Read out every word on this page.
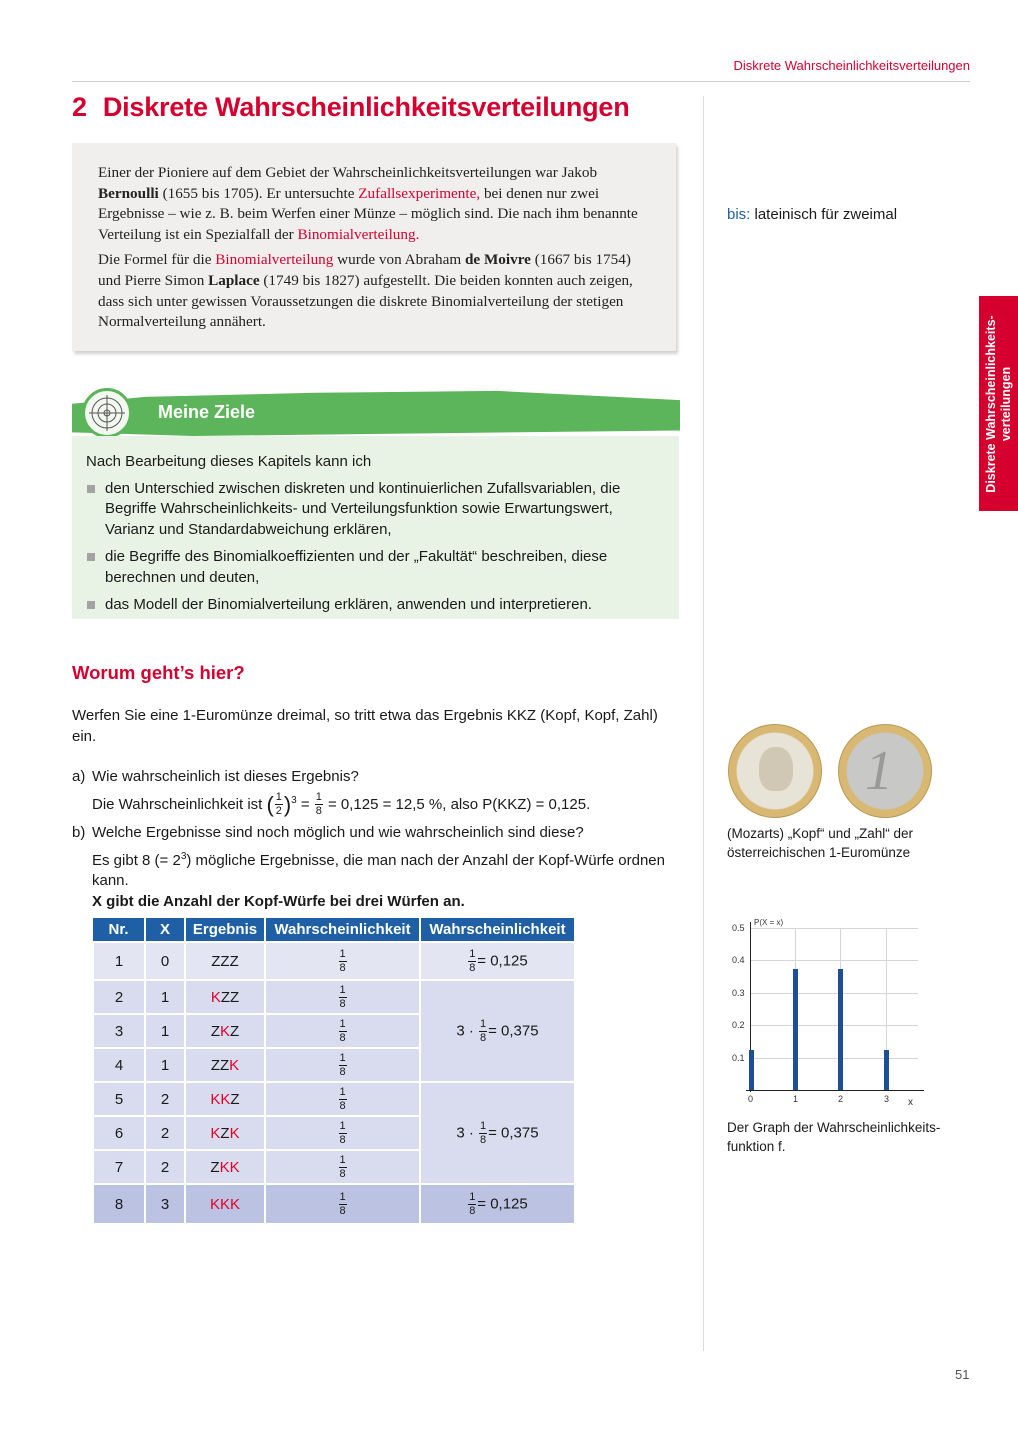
Diskrete Wahrscheinlichkeitsverteilungen
2 Diskrete Wahrscheinlichkeitsverteilungen

Einer der Pioniere auf dem Gebiet der Wahrscheinlichkeitsverteilungen war Jakob Bernoulli (1655 bis 1705). Er untersuchte Zufallsexperimente, bei denen nur zwei Ergebnisse – wie z. B. beim Werfen einer Münze – möglich sind. Die nach ihm benannte Verteilung ist ein Spezialfall der Binomialverteilung.

Die Formel für die Binomialverteilung wurde von Abraham de Moivre (1667 bis 1754) und Pierre Simon Laplace (1749 bis 1827) aufgestellt. Die beiden konnten auch zeigen, dass sich unter gewissen Voraussetzungen die diskrete Binomialverteilung der stetigen Normalverteilung annähert.

Meine Ziele
Nach Bearbeitung dieses Kapitels kann ich
den Unterschied zwischen diskreten und kontinuierlichen Zufallsvariablen, die Begriffe Wahrscheinlichkeits- und Verteilungsfunktion sowie Erwartungswert, Varianz und Standardabweichung erklären,
die Begriffe des Binomialkoeffizienten und der „Fakultät“ beschreiben, diese berechnen und deuten,
das Modell der Binomialverteilung erklären, anwenden und interpretieren.
Worum geht’s hier?

Werfen Sie eine 1-Euromünze dreimal, so tritt etwa das Ergebnis KKZ (Kopf, Kopf, Zahl) ein.

a) Wie wahrscheinlich ist dieses Ergebnis?
Die Wahrscheinlichkeit ist ( $\frac{1}{2} )^3 = \frac{1}{8} = 0,125 = 12,5$ %, also P(KKZ) = 0,125.
b) Welche Ergebnisse sind noch möglich und wie wahrscheinlich sind diese?
Es gibt 8 (= $2^3$) mögliche Ergebnisse, die man nach der Anzahl der Kopf-Würfe ordnen kann.
X gibt die Anzahl der Kopf-Würfe bei drei Würfen an.
Nr.	X	Ergebnis	Wahrscheinlichkeit	Wahrscheinlichkeit
1	0	ZZZ	$\frac{1}{8}$	$\frac{1}{8} = 0,125$
2	1	KZZ	$\frac{1}{8}$	$3 \cdot \frac{1}{8} = 0,375$
3	1	ZKZ	$\frac{1}{8}$

4	1	ZZK	$\frac{1}{8}$

5	2	KKZ	$\frac{1}{8}$	$3 \cdot \frac{1}{8} = 0,375$
6	2	KZK	$\frac{1}{8}$

7	2	ZKK	$\frac{1}{8}$

8	3	KKK	$\frac{1}{8}$	$\frac{1}{8} = 0,125$
bis: lateinisch für zweimal
Diskrete Wahrscheinlichkeits- verteilungen
1
(Mozarts) „Kopf“ und „Zahl“ der österreichischen 1-Euromünze
0.5
0.4
0.3
0.2
0.1
0	1	2	3
P(X = x)
x
Der Graph der Wahrscheinlichkeits-funktion f.
51
